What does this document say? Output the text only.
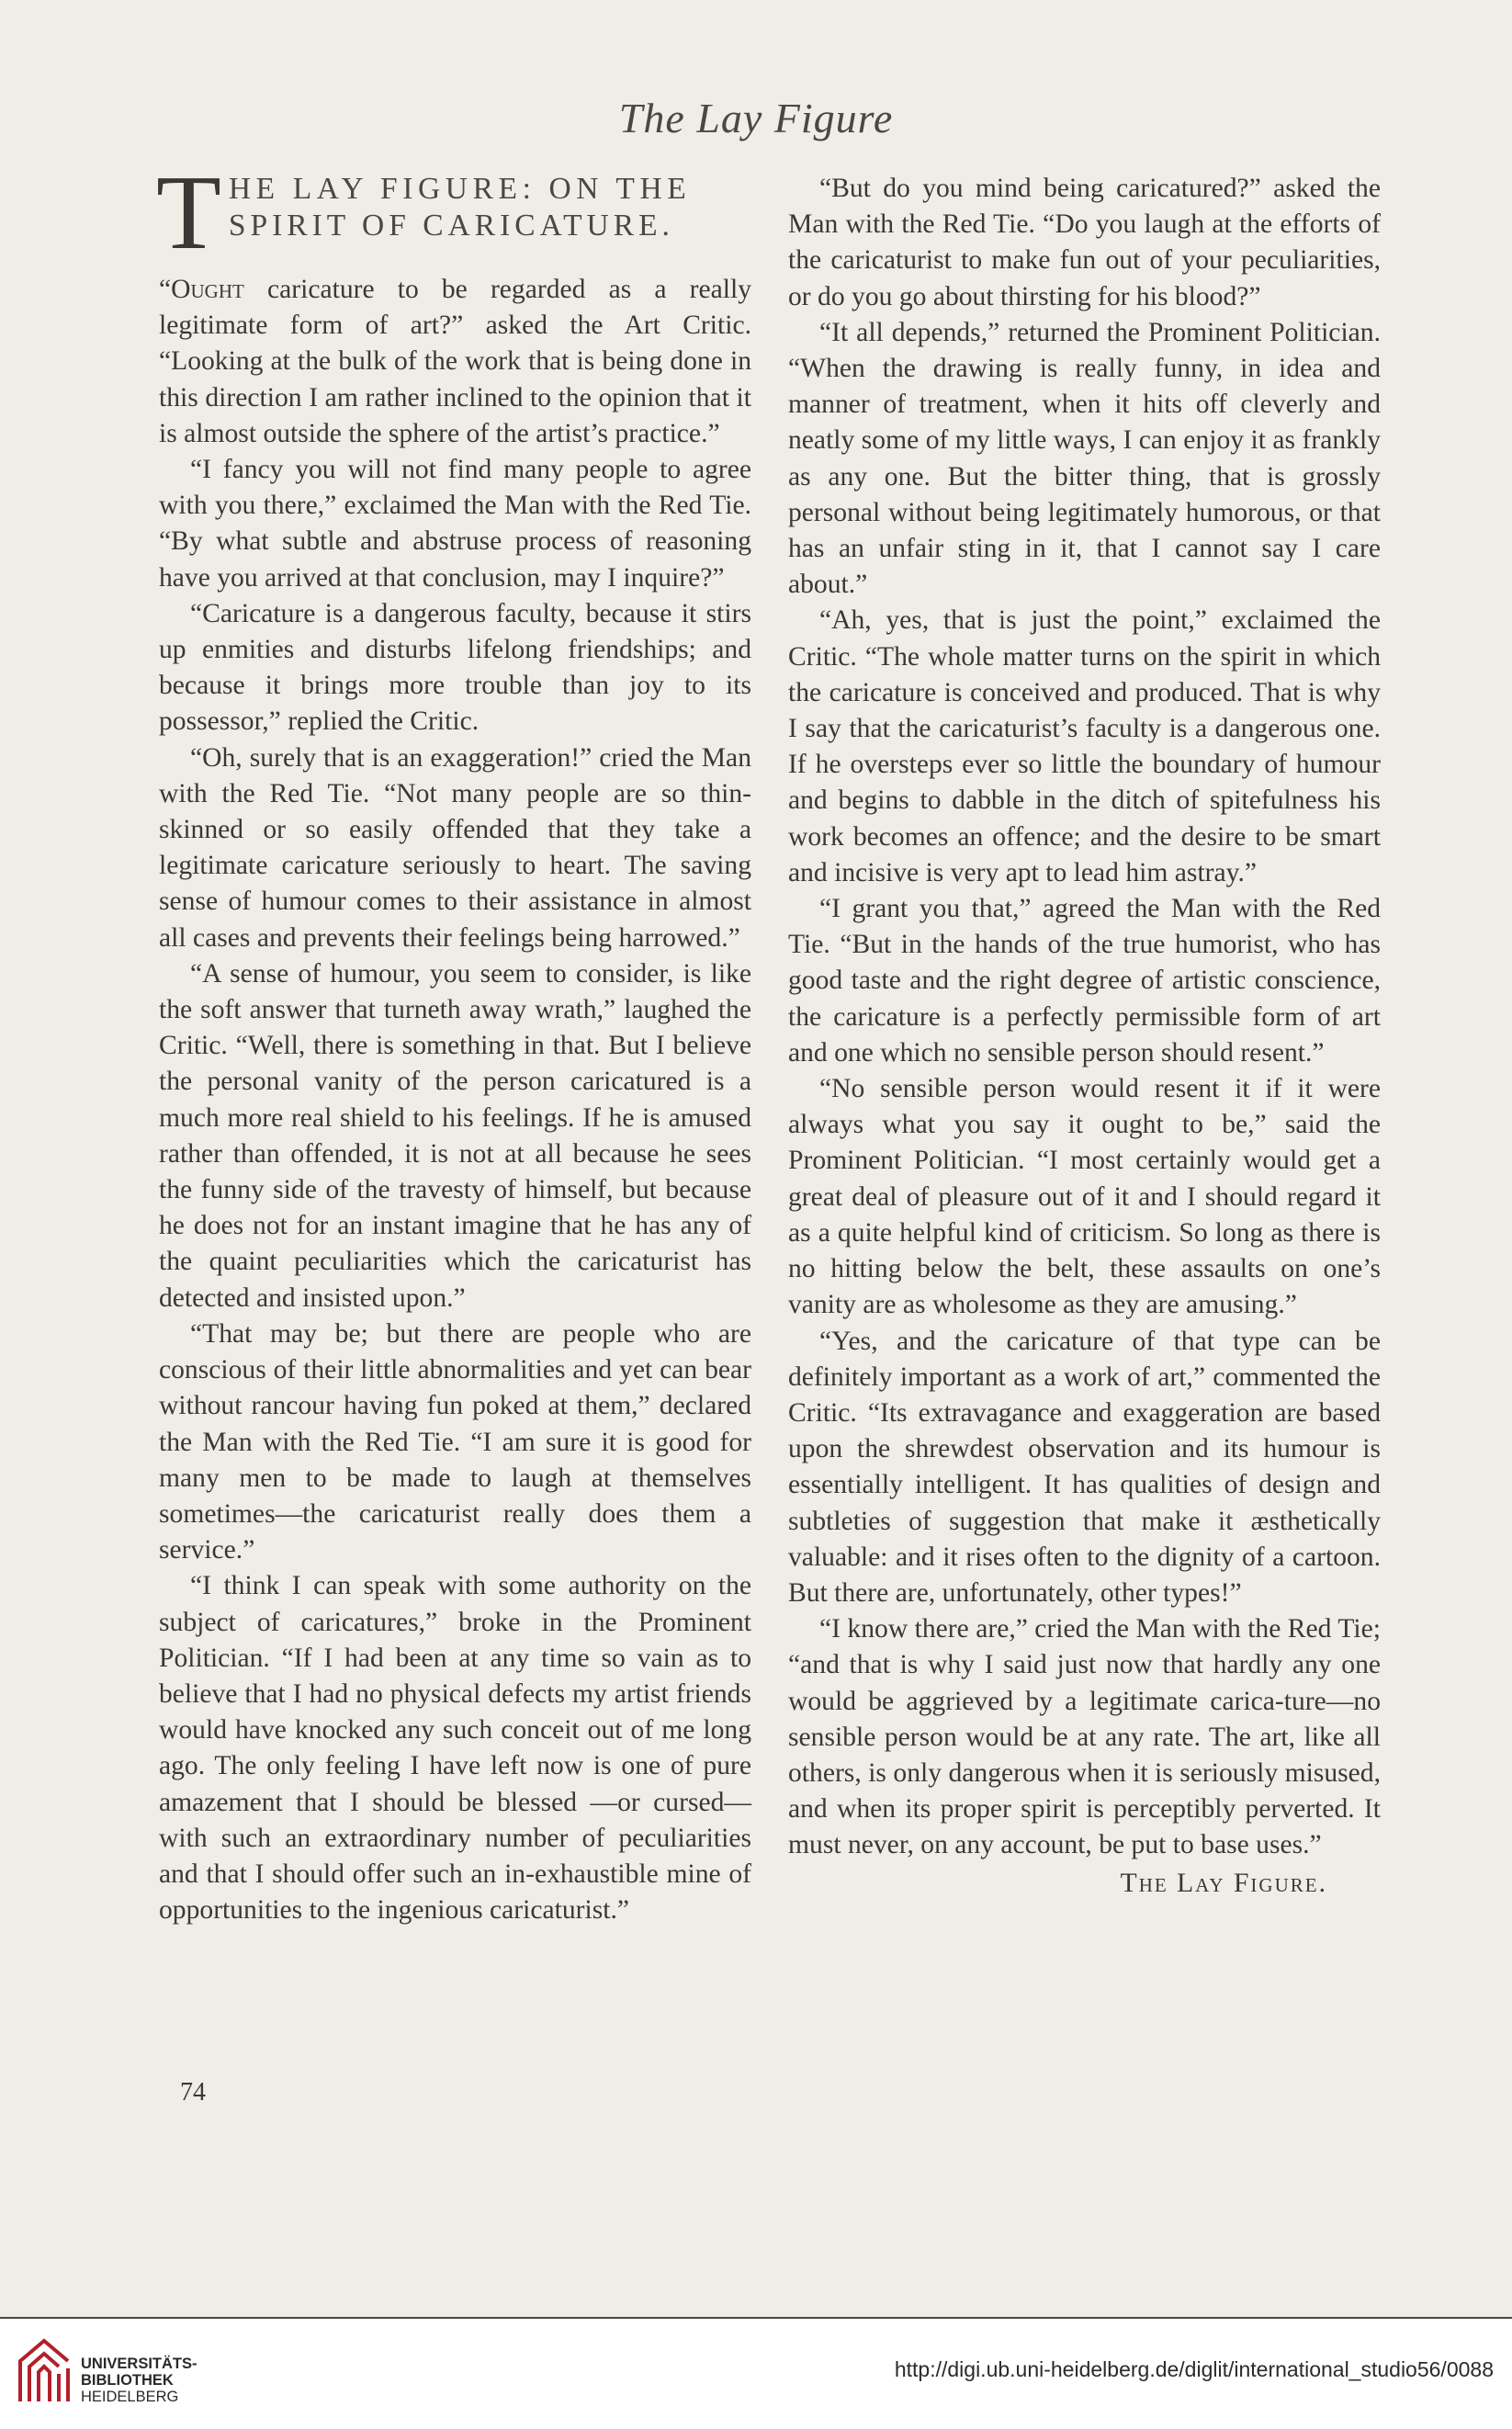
The Lay Figure
T HE LAY FIGURE: ON THE
SPIRIT OF CARICATURE.

“Ought caricature to be regarded as a really legitimate form of art?” asked the Art Critic. “Looking at the bulk of the work that is being done in this direction I am rather inclined to the opinion that it is almost outside the sphere of the artist’s practice.”

“I fancy you will not find many people to agree with you there,” exclaimed the Man with the Red Tie. “By what subtle and abstruse process of reasoning have you arrived at that conclusion, may I inquire?”

“Caricature is a dangerous faculty, because it stirs up enmities and disturbs lifelong friendships; and because it brings more trouble than joy to its possessor,” replied the Critic.

“Oh, surely that is an exaggeration!” cried the Man with the Red Tie. “Not many people are so thin-skinned or so easily offended that they take a legitimate caricature seriously to heart. The saving sense of humour comes to their assistance in almost all cases and prevents their feelings being harrowed.”

“A sense of humour, you seem to consider, is like the soft answer that turneth away wrath,” laughed the Critic. “Well, there is something in that. But I believe the personal vanity of the person caricatured is a much more real shield to his feelings. If he is amused rather than offended, it is not at all because he sees the funny side of the travesty of himself, but because he does not for an instant imagine that he has any of the quaint peculiarities which the caricaturist has detected and insisted upon.”

“That may be; but there are people who are conscious of their little abnormalities and yet can bear without rancour having fun poked at them,” declared the Man with the Red Tie. “I am sure it is good for many men to be made to laugh at themselves sometimes—the caricaturist really does them a service.”

“I think I can speak with some authority on the subject of caricatures,” broke in the Prominent Politician. “If I had been at any time so vain as to believe that I had no physical defects my artist friends would have knocked any such conceit out of me long ago. The only feeling I have left now is one of pure amazement that I should be blessed —or cursed—with such an extraordinary number of peculiarities and that I should offer such an in-exhaustible mine of opportunities to the ingenious caricaturist.”

“But do you mind being caricatured?” asked the Man with the Red Tie. “Do you laugh at the efforts of the caricaturist to make fun out of your peculiarities, or do you go about thirsting for his blood?”

“It all depends,” returned the Prominent Politician. “When the drawing is really funny, in idea and manner of treatment, when it hits off cleverly and neatly some of my little ways, I can enjoy it as frankly as any one. But the bitter thing, that is grossly personal without being legitimately humorous, or that has an unfair sting in it, that I cannot say I care about.”

“Ah, yes, that is just the point,” exclaimed the Critic. “The whole matter turns on the spirit in which the caricature is conceived and produced. That is why I say that the caricaturist’s faculty is a dangerous one. If he oversteps ever so little the boundary of humour and begins to dabble in the ditch of spitefulness his work becomes an offence; and the desire to be smart and incisive is very apt to lead him astray.”

“I grant you that,” agreed the Man with the Red Tie. “But in the hands of the true humorist, who has good taste and the right degree of artistic conscience, the caricature is a perfectly permissible form of art and one which no sensible person should resent.”

“No sensible person would resent it if it were always what you say it ought to be,” said the Prominent Politician. “I most certainly would get a great deal of pleasure out of it and I should regard it as a quite helpful kind of criticism. So long as there is no hitting below the belt, these assaults on one’s vanity are as wholesome as they are amusing.”

“Yes, and the caricature of that type can be definitely important as a work of art,” commented the Critic. “Its extravagance and exaggeration are based upon the shrewdest observation and its humour is essentially intelligent. It has qualities of design and subtleties of suggestion that make it æsthetically valuable: and it rises often to the dignity of a cartoon. But there are, unfortunately, other types!”

“I know there are,” cried the Man with the Red Tie; “and that is why I said just now that hardly any one would be aggrieved by a legitimate carica-ture—no sensible person would be at any rate. The art, like all others, is only dangerous when it is seriously misused, and when its proper spirit is perceptibly perverted. It must never, on any account, be put to base uses.”

The Lay Figure.
74
UNIVERSITÄTS-
BIBLIOTHEK
HEIDELBERG
http://digi.ub.uni-heidelberg.de/diglit/international_studio56/0088
